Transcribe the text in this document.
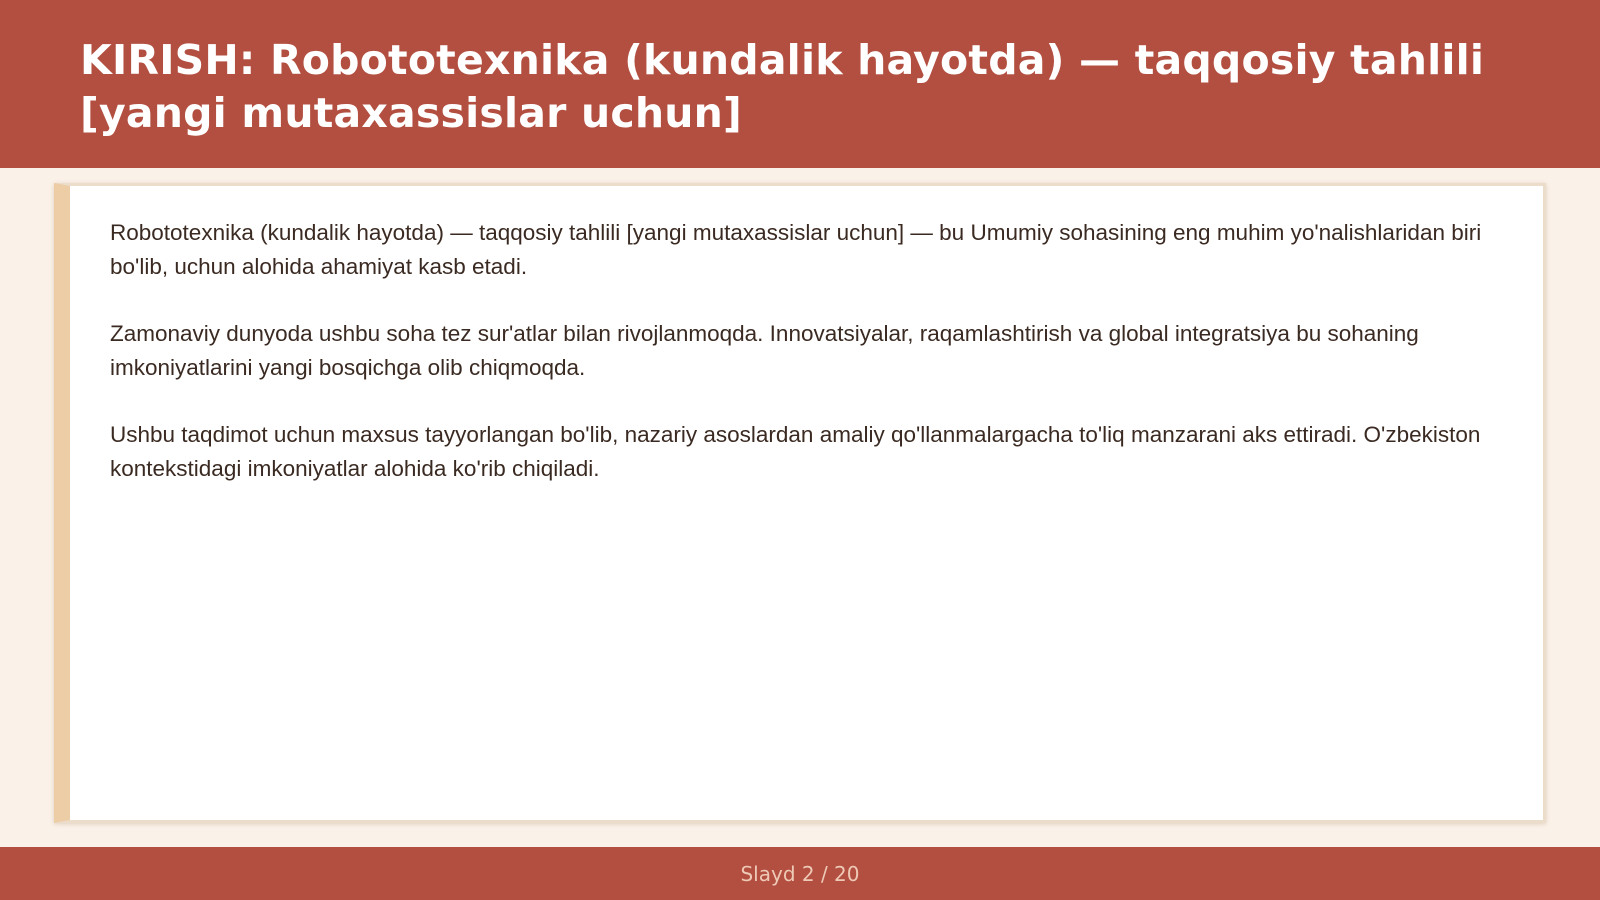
KIRISH: Robototexnika (kundalik hayotda) — taqqosiy tahlili [yangi mutaxassislar uchun]

Robototexnika (kundalik hayotda) — taqqosiy tahlili [yangi mutaxassislar uchun] — bu Umumiy sohasining eng muhim yo'nalishlaridan biri bo'lib, uchun alohida ahamiyat kasb etadi.

Zamonaviy dunyoda ushbu soha tez sur'atlar bilan rivojlanmoqda. Innovatsiyalar, raqamlashtirish va global integratsiya bu sohaning imkoniyatlarini yangi bosqichga olib chiqmoqda.

Ushbu taqdimot uchun maxsus tayyorlangan bo'lib, nazariy asoslardan amaliy qo'llanmalargacha to'liq manzarani aks ettiradi. O'zbekiston kontekstidagi imkoniyatlar alohida ko'rib chiqiladi.

Slayd 2 / 20
